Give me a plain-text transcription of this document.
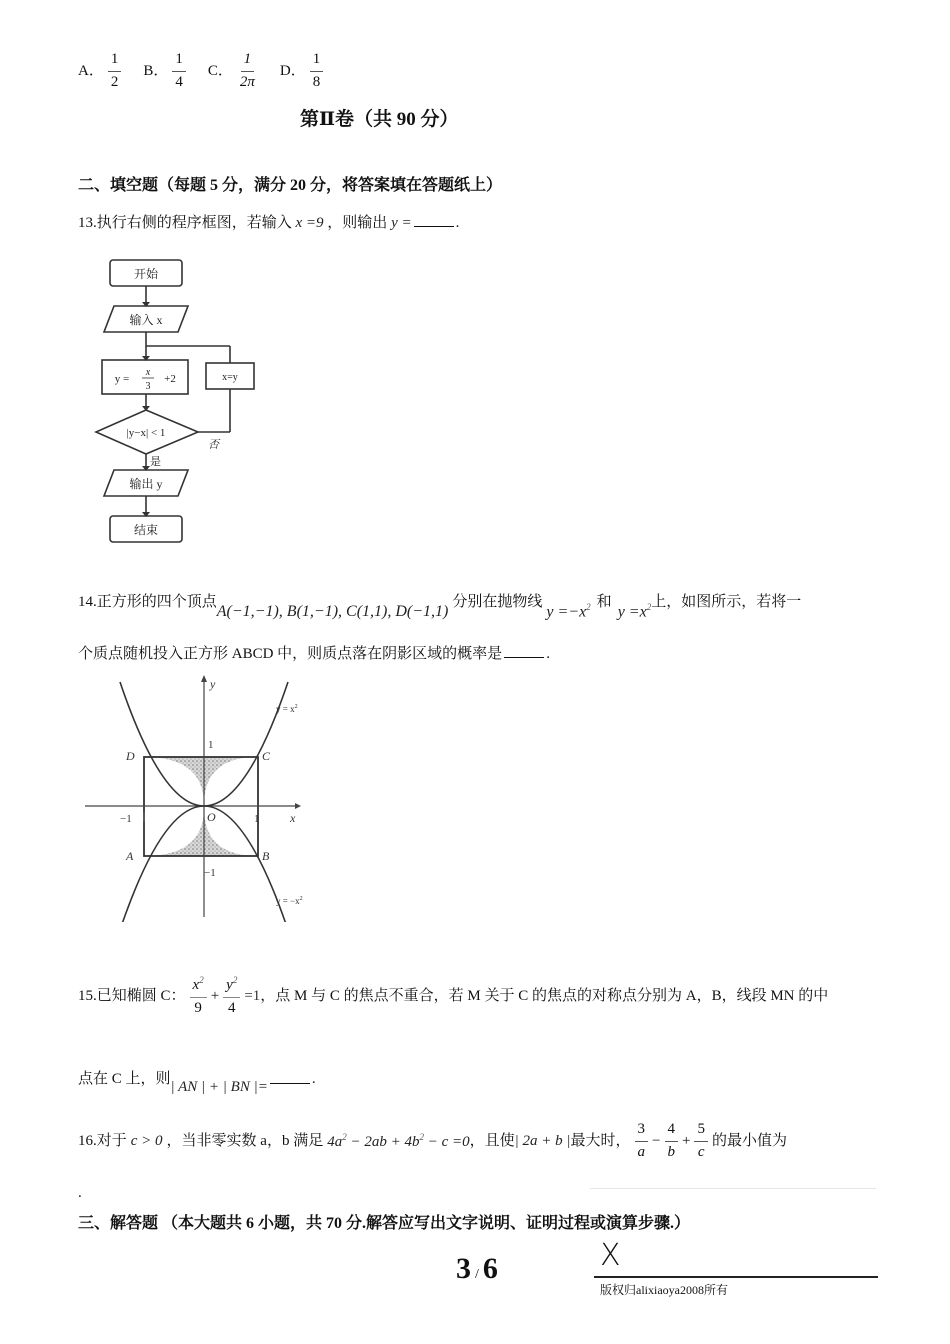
A． $\frac{1}{2}$ B． $\frac{1}{4}$ C． $\frac{1}{2\pi}$ D． $\frac{1}{8}$
第Ⅱ卷（共 90 分）
二、填空题（每题 5 分，满分 20 分，将答案填在答题纸上）
13.执行右侧的程序框图，若输入 x =9 ，则输出 y =	.
开始
输入 x
y =
x
3
+2	x=y
|y−x| < 1
否
是
输出 y
结束
14.正方形的四个顶点
A(−1,−1), B(1,−1), C(1,1), D(−1,1)
分别在抛物线
$y =-x^2$ 和
$y =x^2$ 上，如图所示，若将一
个质点随机投入正方形 ABCD 中，则质点落在阴影区域的概率是	.
y
x
D	C
A	B
O
1
−1
−1	1
$y = x^2$
$y = -x^2$
15.已知椭圆 C： $\frac{x^2}{9} + \frac{y^2}{4} =1$ ，点 M 与 C 的焦点不重合，若 M 关于 C 的焦点的对称点分别为 A，B，线段 MN 的中
点在 C 上，则 | AN | + | BN |=	.
16.对于 c > 0 ，当非零实数 a，b 满足 $4a^2 - 2ab + 4b^2 - c =0$ ，且使 | 2a + b | 最大时， $\frac{3}{a} - \frac{4}{b} + \frac{5}{c}$ 的最小值为
.
三、解答题 （本大题共 6 小题，共 70 分.解答应写出文字说明、证明过程或演算步骤.）
3 / 6	X
版权归alixiaoya2008所有
